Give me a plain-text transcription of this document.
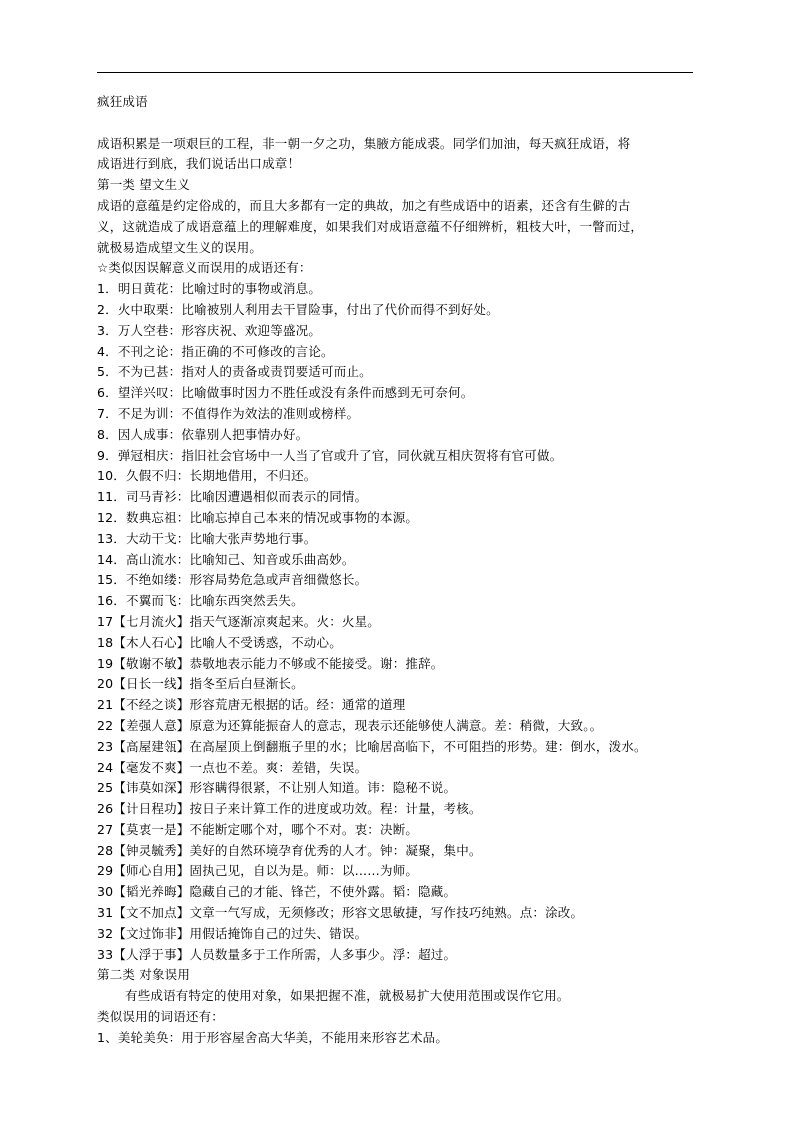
疯狂成语

成语积累是一项艰巨的工程，非一朝一夕之功，集腋方能成裘。同学们加油，每天疯狂成语，将

成语进行到底，我们说话出口成章！

第一类 望文生义

成语的意蕴是约定俗成的，而且大多都有一定的典故，加之有些成语中的语素，还含有生僻的古

义，这就造成了成语意蕴上的理解难度，如果我们对成语意蕴不仔细辨析，粗枝大叶，一瞥而过，

就极易造成望文生义的误用。

☆类似因误解意义而误用的成语还有：

1．明日黄花：比喻过时的事物或消息。

2．火中取栗：比喻被别人利用去干冒险事，付出了代价而得不到好处。

3．万人空巷：形容庆祝、欢迎等盛况。

4．不刊之论：指正确的不可修改的言论。

5．不为已甚：指对人的责备或责罚要适可而止。

6．望洋兴叹：比喻做事时因力不胜任或没有条件而感到无可奈何。

7．不足为训：不值得作为效法的准则或榜样。

8．因人成事：依靠别人把事情办好。

9．弹冠相庆：指旧社会官场中一人当了官或升了官，同伙就互相庆贺将有官可做。

10．久假不归：长期地借用，不归还。

11．司马青衫：比喻因遭遇相似而表示的同情。

12．数典忘祖：比喻忘掉自己本来的情况或事物的本源。

13．大动干戈：比喻大张声势地行事。

14．高山流水：比喻知己、知音或乐曲高妙。

15．不绝如缕：形容局势危急或声音细微悠长。

16．不翼而飞：比喻东西突然丢失。

17【七月流火】指天气逐渐凉爽起来。火：火星。

18【木人石心】比喻人不受诱惑，不动心。

19【敬谢不敏】恭敬地表示能力不够或不能接受。谢：推辞。

20【日长一线】指冬至后白昼渐长。

21【不经之谈】形容荒唐无根据的话。经：通常的道理

22【差强人意】原意为还算能振奋人的意志，现表示还能够使人满意。差：稍微，大致。。

23【高屋建瓴】在高屋顶上倒翻瓶子里的水；比喻居高临下，不可阻挡的形势。建：倒水，泼水。

24【毫发不爽】一点也不差。爽：差错，失误。

25【讳莫如深】形容瞒得很紧，不让别人知道。讳：隐秘不说。

26【计日程功】按日子来计算工作的进度或功效。程：计量，考核。

27【莫衷一是】不能断定哪个对，哪个不对。衷：决断。

28【钟灵毓秀】美好的自然环境孕育优秀的人才。钟：凝聚，集中。

29【师心自用】固执己见，自以为是。师：以……为师。

30【韬光养晦】隐藏自己的才能、锋芒，不使外露。韬：隐藏。

31【文不加点】文章一气写成，无须修改；形容文思敏捷，写作技巧纯熟。点：涂改。

32【文过饰非】用假话掩饰自己的过失、错误。

33【人浮于事】人员数量多于工作所需，人多事少。浮：超过。

第二类 对象误用

有些成语有特定的使用对象，如果把握不准，就极易扩大使用范围或误作它用。

类似误用的词语还有：

1、美轮美奂：用于形容屋舍高大华美，不能用来形容艺术品。
